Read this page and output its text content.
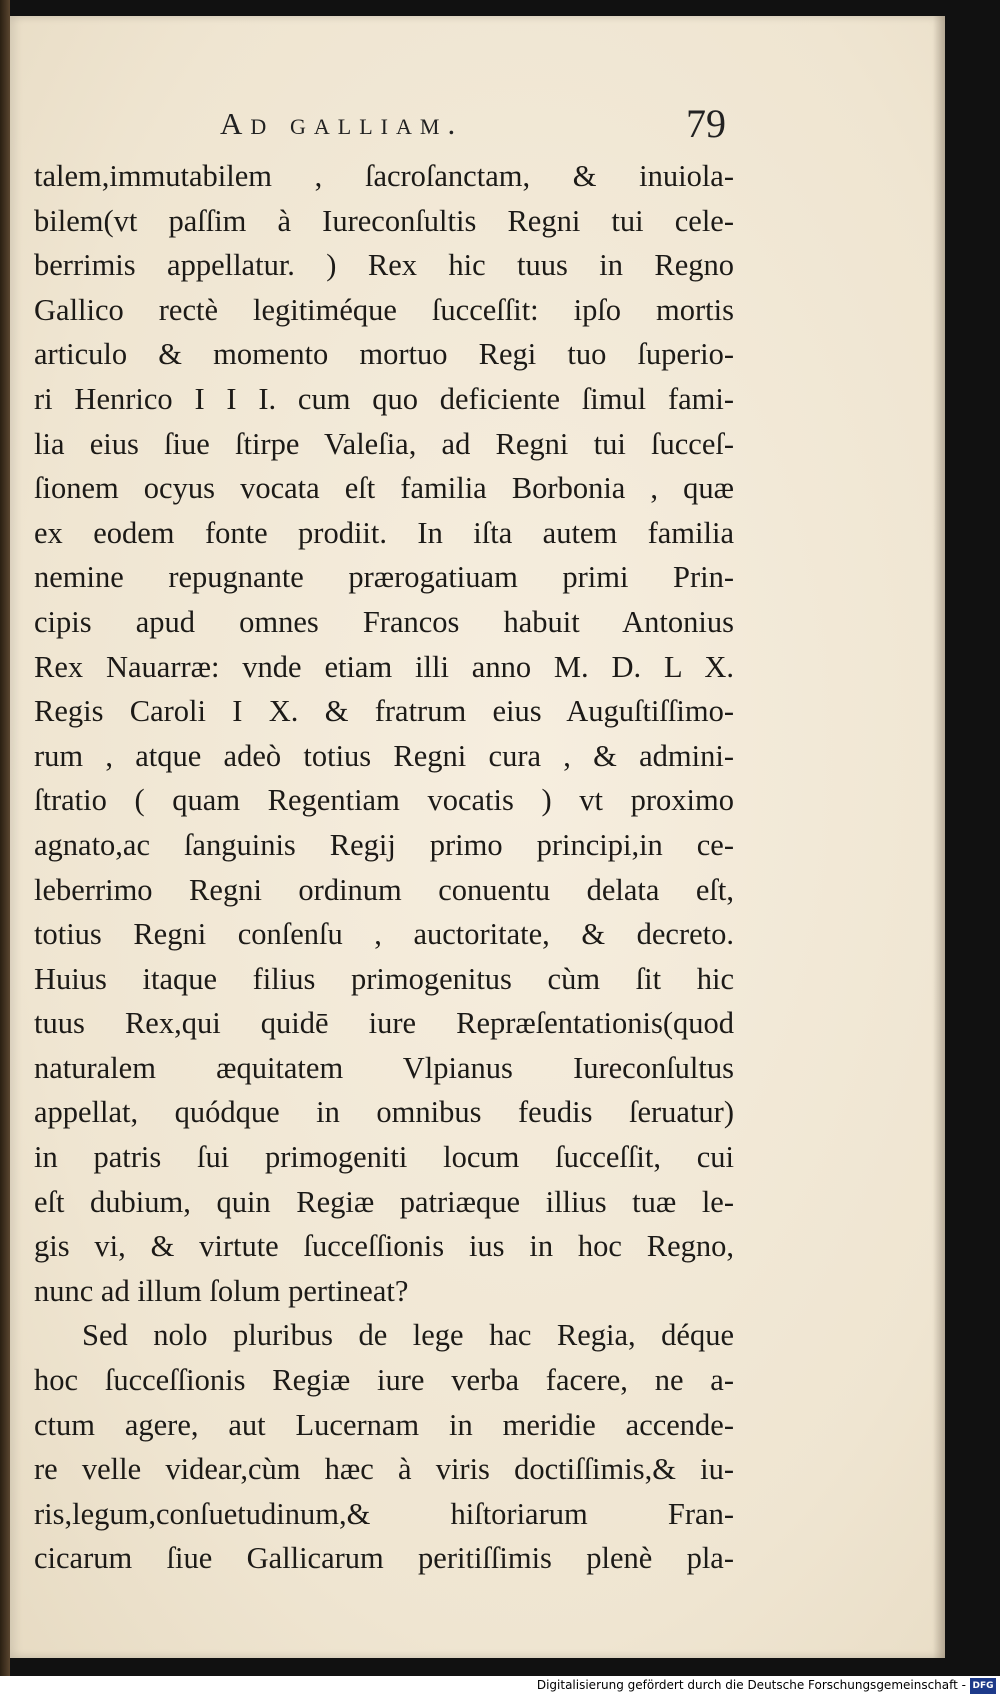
Ad gallıam.	79
talem,immutabilem , ſacroſanctam, & inuiola-
bilem(vt paſſim à Iureconſultis Regni tui cele-
berrimis appellatur. ) Rex hic tuus in Regno
Gallico rectè legitiméque ſucceſſit: ipſo mortis
articulo & momento mortuo Regi tuo ſuperio-
ri Henrico I I I. cum quo deficiente ſimul fami-
lia eius ſiue ſtirpe Valeſia, ad Regni tui ſucceſ-
ſionem ocyus vocata eſt familia Borbonia , quæ
ex eodem fonte prodiit. In iſta autem familia
nemine repugnante prærogatiuam primi Prin-
cipis apud omnes Francos habuit Antonius
Rex Nauarræ: vnde etiam illi anno M. D. L X.
Regis Caroli I X. & fratrum eius Auguſtiſſimo-
rum , atque adeò totius Regni cura , & admini-
ſtratio ( quam Regentiam vocatis ) vt proximo
agnato,ac ſanguinis Regij primo principi,in ce-
leberrimo Regni ordinum conuentu delata eſt,
totius Regni conſenſu , auctoritate, & decreto.
Huius itaque filius primogenitus cùm ſit hic
tuus Rex,qui quidē iure Repræſentationis(quod
naturalem æquitatem Vlpianus Iureconſultus
appellat, quódque in omnibus feudis ſeruatur)
in patris ſui primogeniti locum ſucceſſit, cui
eſt dubium, quin Regiæ patriæque illius tuæ le-
gis vi, & virtute ſucceſſionis ius in hoc Regno,
nunc ad illum ſolum pertineat?
Sed nolo pluribus de lege hac Regia, déque
hoc ſucceſſionis Regiæ iure verba facere, ne a-
ctum agere, aut Lucernam in meridie accende-
re velle videar,cùm hæc à viris doctiſſimis,& iu-
ris,legum,conſuetudinum,& hiſtoriarum Fran-
cicarum ſiue Gallicarum peritiſſimis plenè pla-
Digitalisierung gefördert durch die Deutsche Forschungsgemeinschaft - DFG
